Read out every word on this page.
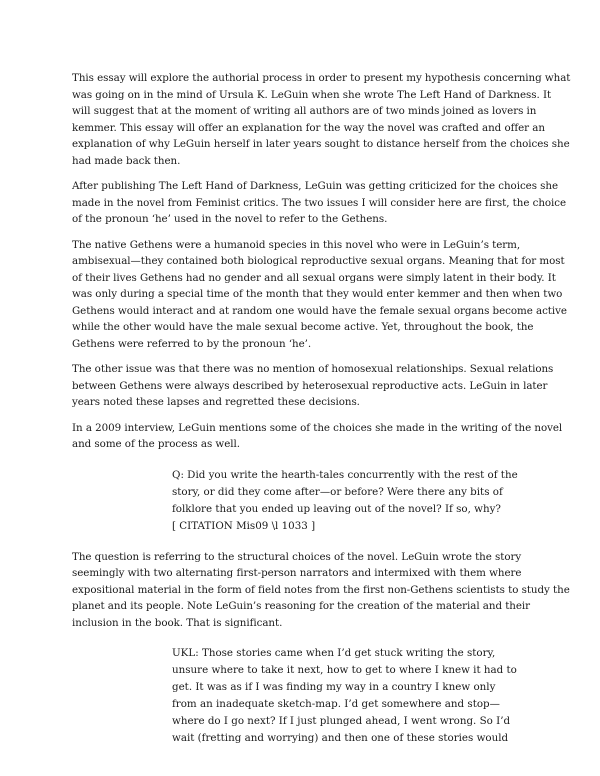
This essay will explore the authorial process in order to present my hypothesis concerning what
was going on in the mind of Ursula K. LeGuin when she wrote The Left Hand of Darkness. It
will suggest that at the moment of writing all authors are of two minds joined as lovers in
kemmer. This essay will offer an explanation for the way the novel was crafted and offer an
explanation of why LeGuin herself in later years sought to distance herself from the choices she
had made back then.

After publishing The Left Hand of Darkness, LeGuin was getting criticized for the choices she
made in the novel from Feminist critics. The two issues I will consider here are first, the choice
of the pronoun ‘he’ used in the novel to refer to the Gethens.

The native Gethens were a humanoid species in this novel who were in LeGuin’s term,
ambisexual—they contained both biological reproductive sexual organs. Meaning that for most
of their lives Gethens had no gender and all sexual organs were simply latent in their body. It
was only during a special time of the month that they would enter kemmer and then when two
Gethens would interact and at random one would have the female sexual organs become active
while the other would have the male sexual become active. Yet, throughout the book, the
Gethens were referred to by the pronoun ‘he’.

The other issue was that there was no mention of homosexual relationships. Sexual relations
between Gethens were always described by heterosexual reproductive acts. LeGuin in later
years noted these lapses and regretted these decisions.

In a 2009 interview, LeGuin mentions some of the choices she made in the writing of the novel
and some of the process as well.

Q: Did you write the hearth-tales concurrently with the rest of the
story, or did they come after—or before? Were there any bits of
folklore that you ended up leaving out of the novel? If so, why?
[ CITATION Mis09 \l 1033 ]

The question is referring to the structural choices of the novel. LeGuin wrote the story
seemingly with two alternating first-person narrators and intermixed with them where
expositional material in the form of field notes from the first non-Gethens scientists to study the
planet and its people. Note LeGuin’s reasoning for the creation of the material and their
inclusion in the book. That is significant.

UKL: Those stories came when I’d get stuck writing the story,
unsure where to take it next, how to get to where I knew it had to
get. It was as if I was finding my way in a country I knew only
from an inadequate sketch-map. I’d get somewhere and stop—
where do I go next? If I just plunged ahead, I went wrong. So I’d
wait (fretting and worrying) and then one of these stories would
